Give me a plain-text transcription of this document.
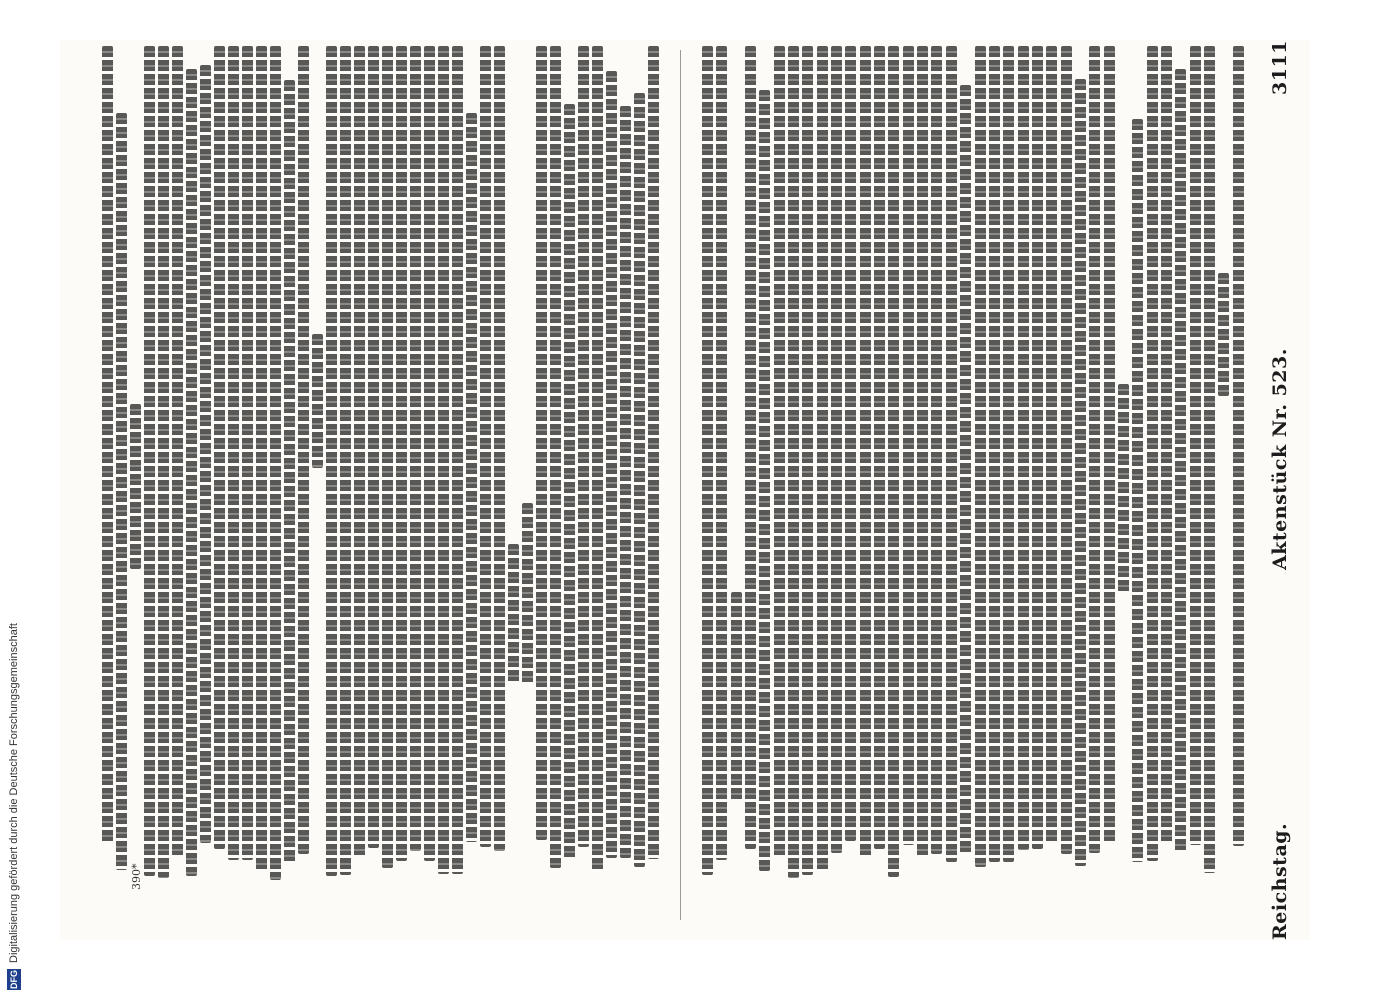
Reichstag.
Aktenstück Nr. 523.
3111
390*
DFG
Digitalisierung gefördert durch die Deutsche Forschungsgemeinschaft
